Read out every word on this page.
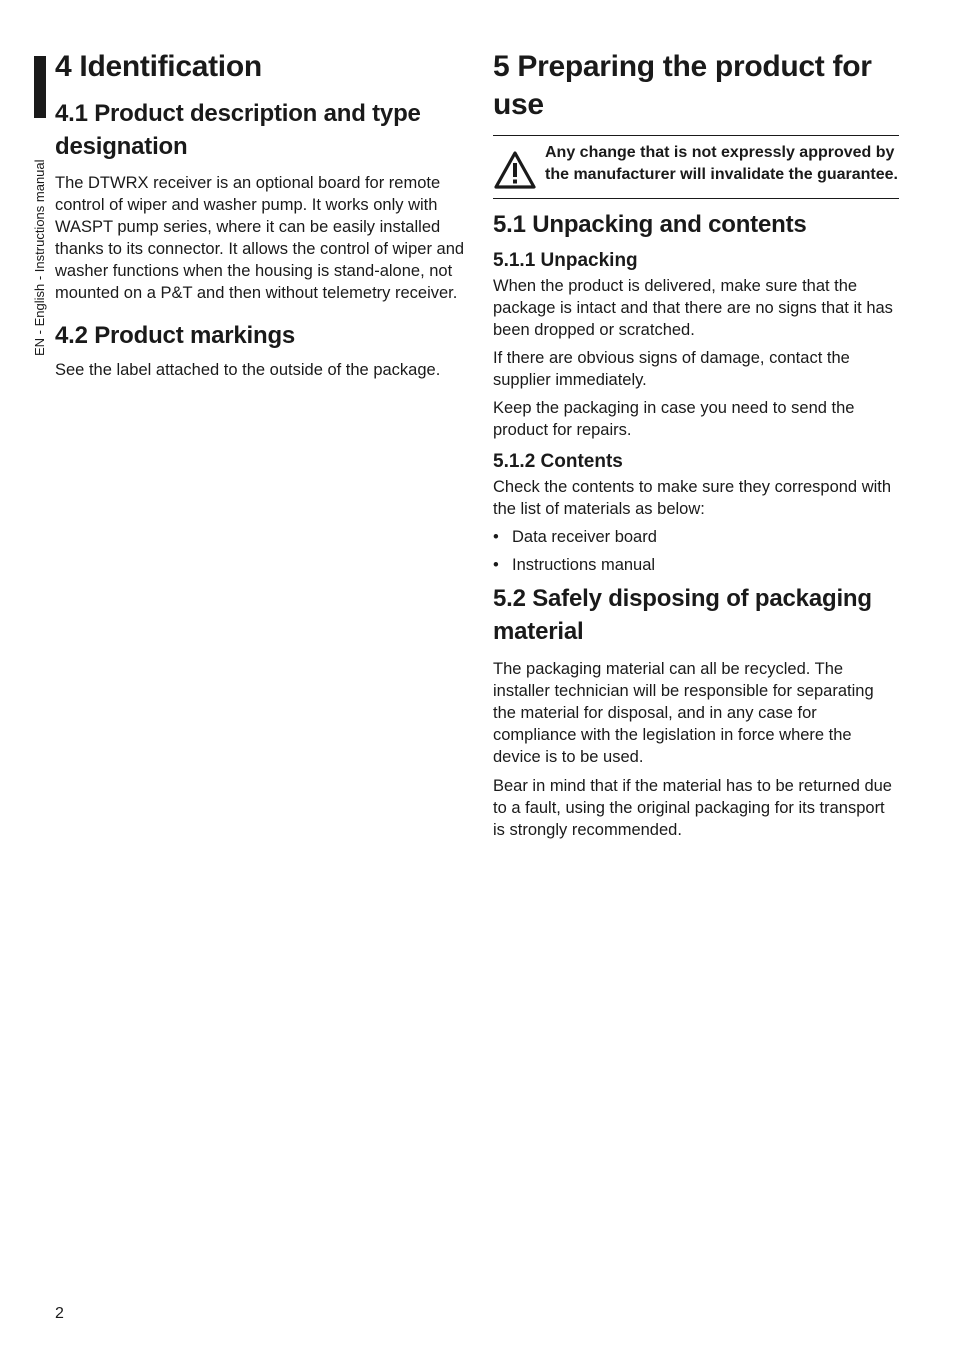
EN - English - Instructions manual
4 Identification
4.1 Product description and type designation

The DTWRX receiver is an optional board for remote control of wiper and washer pump. It works only with WASPT pump series, where it can be easily installed thanks to its connector. It allows the control of wiper and washer functions when the housing is stand-alone, not mounted on a P&T and then without telemetry receiver.

4.2 Product markings

See the label attached to the outside of the package.

5 Preparing the product for use
Any change that is not expressly approved by the manufacturer will invalidate the guarantee.
5.1 Unpacking and contents
5.1.1 Unpacking

When the product is delivered, make sure that the package is intact and that there are no signs that it has been dropped or scratched.

If there are obvious signs of damage, contact the supplier immediately.

Keep the packaging in case you need to send the product for repairs.

5.1.2 Contents

Check the contents to make sure they correspond with the list of materials as below:

• Data receiver board
• Instructions manual
5.2 Safely disposing of packaging material

The packaging material can all be recycled. The installer technician will be responsible for separating the material for disposal, and in any case for compliance with the legislation in force where the device is to be used.

Bear in mind that if the material has to be returned due to a fault, using the original packaging for its transport is strongly recommended.

2
